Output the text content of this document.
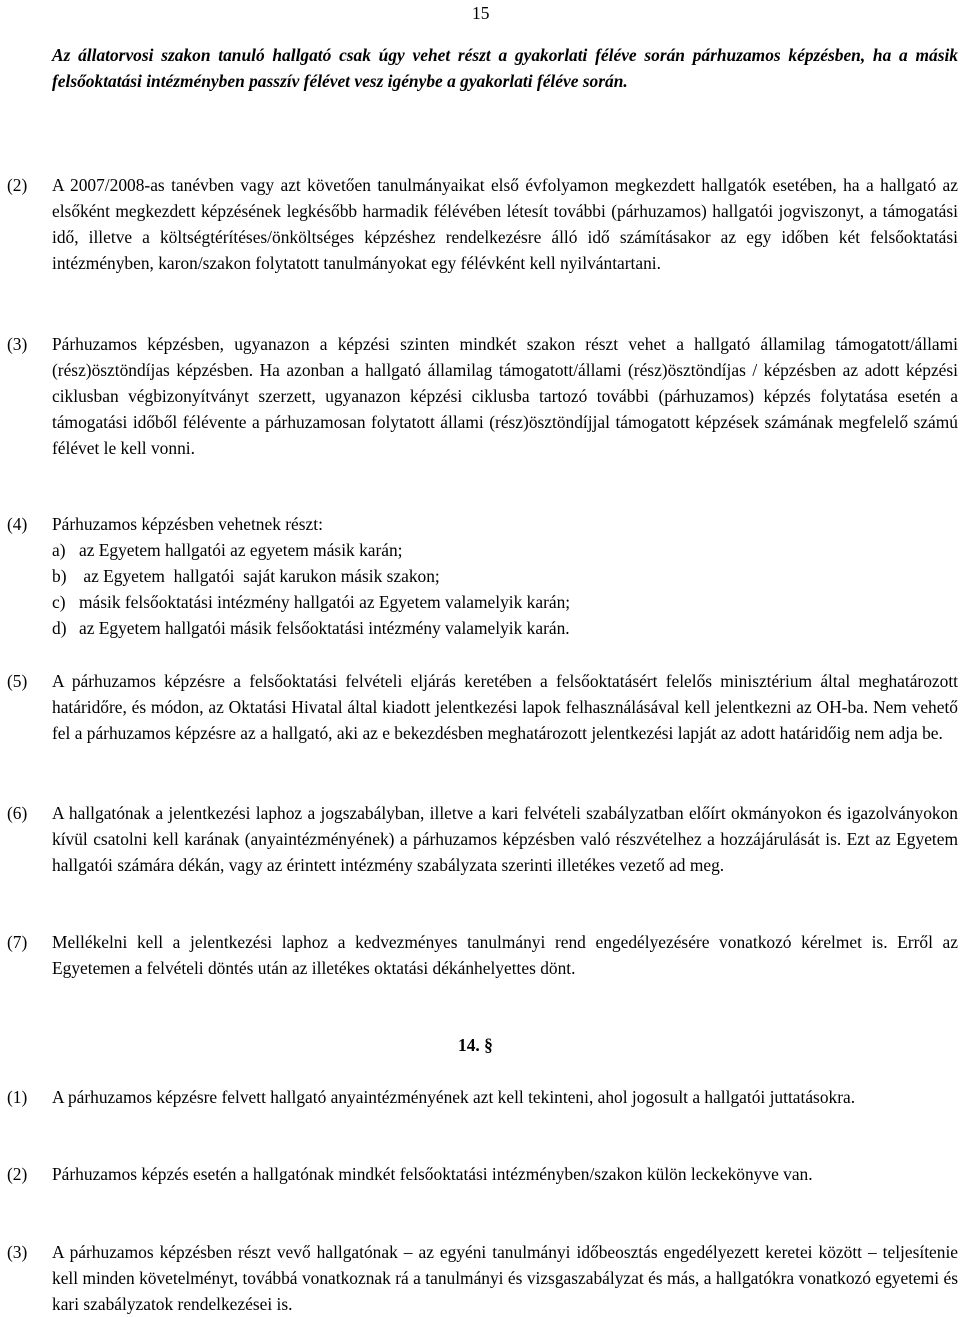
15
Az állatorvosi szakon tanuló hallgató csak úgy vehet részt a gyakorlati féléve során párhuzamos képzésben, ha a másik felsőoktatási intézményben passzív félévet vesz igénybe a gyakorlati féléve során.
(2) A 2007/2008-as tanévben vagy azt követően tanulmányaikat első évfolyamon megkezdett hallgatók esetében, ha a hallgató az elsőként megkezdett képzésének legkésőbb harmadik félévében létesít további (párhuzamos) hallgatói jogviszonyt, a támogatási idő, illetve a költségtérítéses/önköltséges képzéshez rendelkezésre álló idő számításakor az egy időben két felsőoktatási intézményben, karon/szakon folytatott tanulmányokat egy félévként kell nyilvántartani.
(3) Párhuzamos képzésben, ugyanazon a képzési szinten mindkét szakon részt vehet a hallgató államilag támogatott/állami (rész)ösztöndíjas képzésben. Ha azonban a hallgató államilag támogatott/állami (rész)ösztöndíjas / képzésben az adott képzési ciklusban végbizonyítványt szerzett, ugyanazon képzési ciklusba tartozó további (párhuzamos) képzés folytatása esetén a támogatási időből félévente a párhuzamosan folytatott állami (rész)ösztöndíjjal támogatott képzések számának megfelelő számú félévet le kell vonni.
(4) Párhuzamos képzésben vehetnek részt:
a) az Egyetem hallgatói az egyetem másik karán;
b) az Egyetem  hallgatói  saját karukon másik szakon;
c) másik felsőoktatási intézmény hallgatói az Egyetem valamelyik karán;
d) az Egyetem hallgatói másik felsőoktatási intézmény valamelyik karán.
(5) A párhuzamos képzésre a felsőoktatási felvételi eljárás keretében a felsőoktatásért felelős minisztérium által meghatározott határidőre, és módon, az Oktatási Hivatal által kiadott jelentkezési lapok felhasználásával kell jelentkezni az OH-ba. Nem vehető fel a párhuzamos képzésre az a hallgató, aki az e bekezdésben meghatározott jelentkezési lapját az adott határidőig nem adja be.
(6) A hallgatónak a jelentkezési laphoz a jogszabályban, illetve a kari felvételi szabályzatban előírt okmányokon és igazolványokon kívül csatolni kell karának (anyaintézményének) a párhuzamos képzésben való részvételhez a hozzájárulását is. Ezt az Egyetem hallgatói számára dékán, vagy az érintett intézmény szabályzata szerinti illetékes vezető ad meg.
(7) Mellékelni kell a jelentkezési laphoz a kedvezményes tanulmányi rend engedélyezésére vonatkozó kérelmet is. Erről az Egyetemen a felvételi döntés után az illetékes oktatási dékánhelyettes dönt.
14. §
(1) A párhuzamos képzésre felvett hallgató anyaintézményének azt kell tekinteni, ahol jogosult a hallgatói juttatásokra.
(2) Párhuzamos képzés esetén a hallgatónak mindkét felsőoktatási intézményben/szakon külön leckekönyve van.
(3) A párhuzamos képzésben részt vevő hallgatónak – az egyéni tanulmányi időbeosztás engedélyezett keretei között – teljesítenie kell minden követelményt, továbbá vonatkoznak rá a tanulmányi és vizsgaszabályzat és más, a hallgatókra vonatkozó egyetemi és kari szabályzatok rendelkezései is.
